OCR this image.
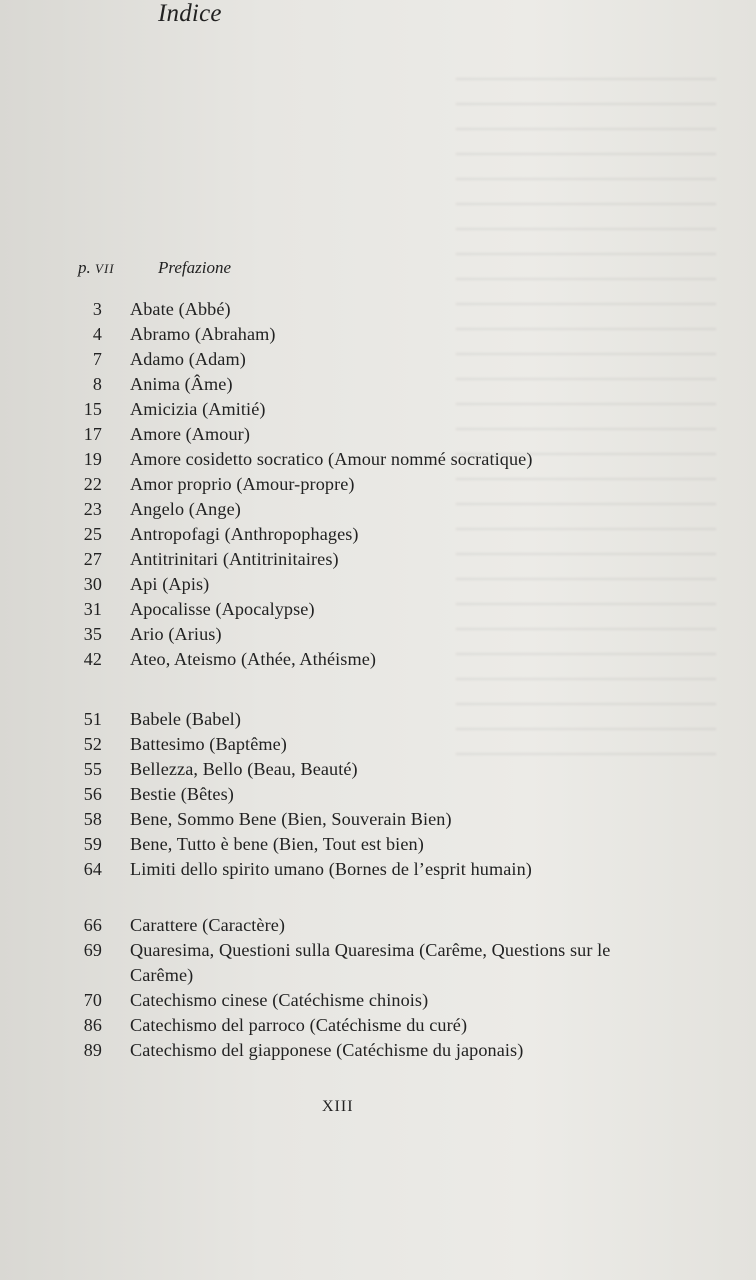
Indice
p. VII	Prefazione
3	Abate (Abbé)
4	Abramo (Abraham)
7	Adamo (Adam)
8	Anima (Âme)
15	Amicizia (Amitié)
17	Amore (Amour)
19	Amore cosidetto socratico (Amour nommé socratique)
22	Amor proprio (Amour-propre)
23	Angelo (Ange)
25	Antropofagi (Anthropophages)
27	Antitrinitari (Antitrinitaires)
30	Api (Apis)
31	Apocalisse (Apocalypse)
35	Ario (Arius)
42	Ateo, Ateismo (Athée, Athéisme)
51	Babele (Babel)
52	Battesimo (Baptême)
55	Bellezza, Bello (Beau, Beauté)
56	Bestie (Bêtes)
58	Bene, Sommo Bene (Bien, Souverain Bien)
59	Bene, Tutto è bene (Bien, Tout est bien)
64	Limiti dello spirito umano (Bornes de l’esprit humain)
66	Carattere (Caractère)
69	Quaresima, Questioni sulla Quaresima (Carême, Questions sur le Carême)
70	Catechismo cinese (Catéchisme chinois)
86	Catechismo del parroco (Catéchisme du curé)
89	Catechismo del giapponese (Catéchisme du japonais)
XIII
